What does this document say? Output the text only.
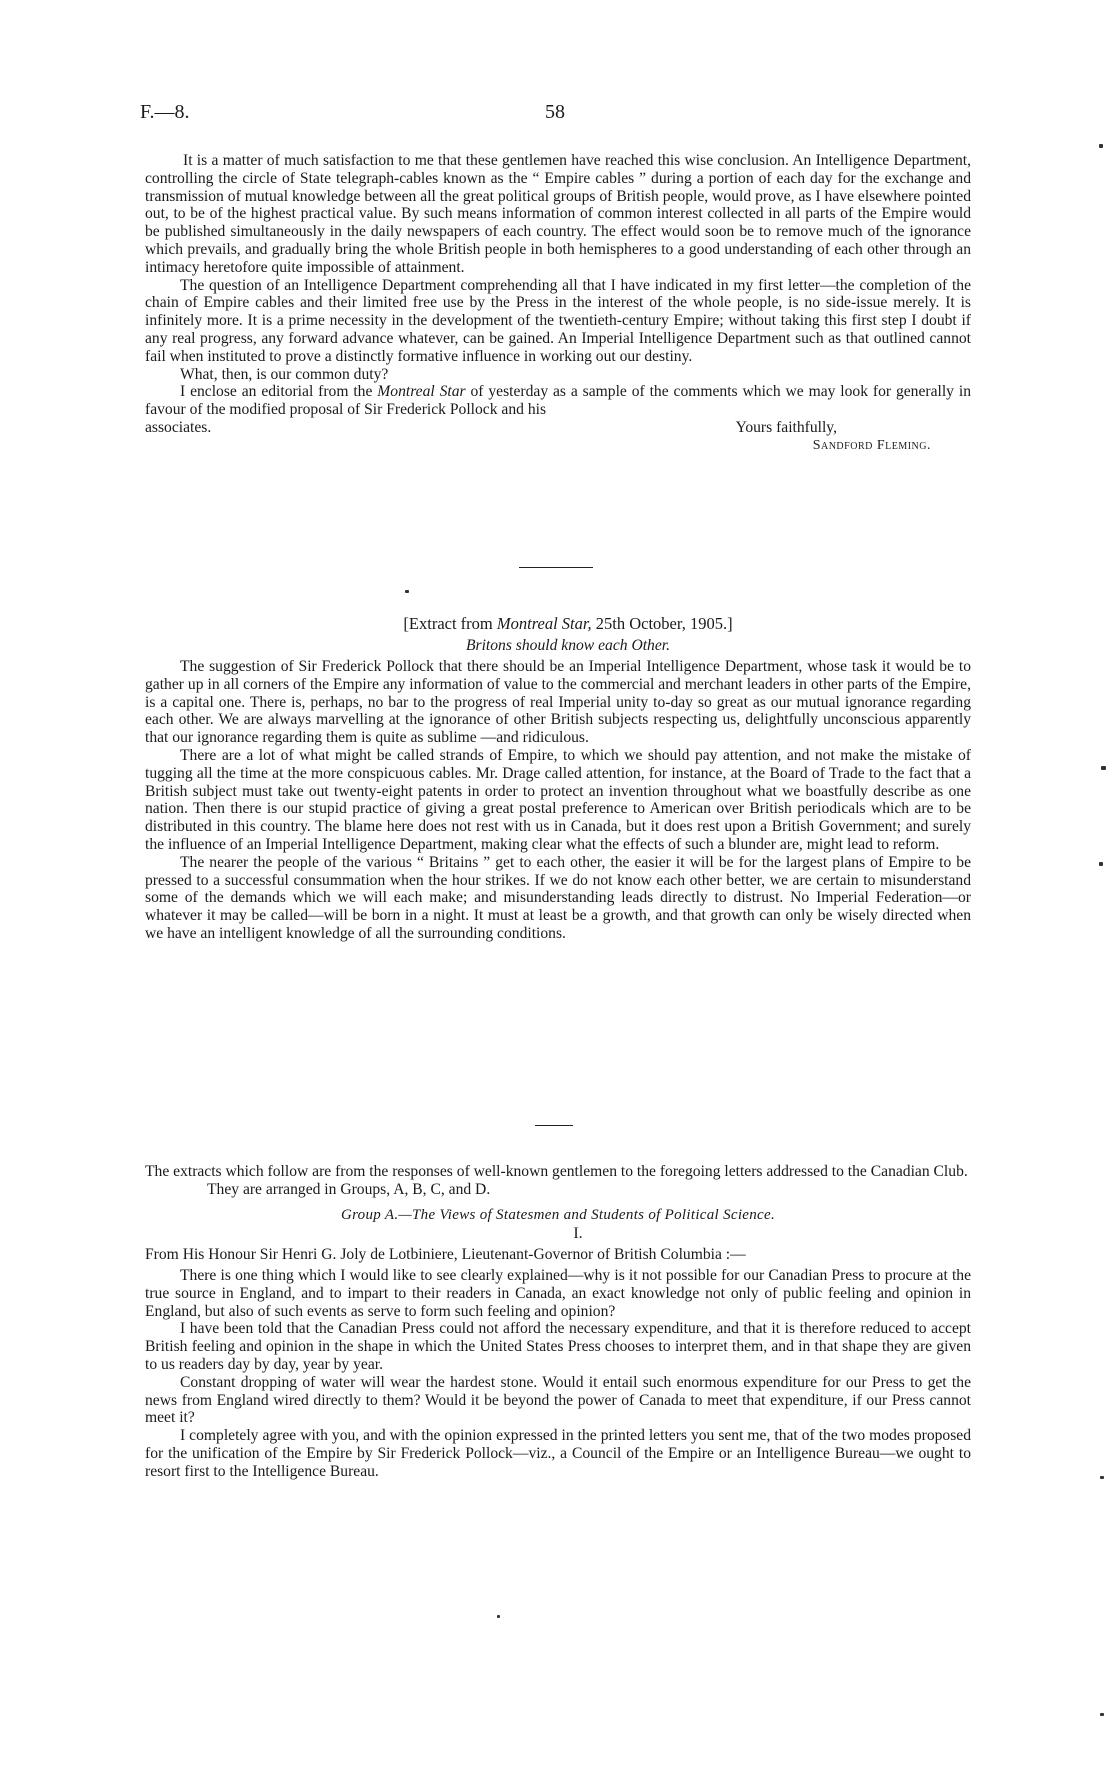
F.—8.	58

It is a matter of much satisfaction to me that these gentlemen have reached this wise conclusion. An Intelligence Department, controlling the circle of State telegraph-cables known as the “ Empire cables ” during a portion of each day for the exchange and transmission of mutual knowledge between all the great political groups of British people, would prove, as I have elsewhere pointed out, to be of the highest practical value. By such means information of common interest collected in all parts of the Empire would be published simultaneously in the daily newspapers of each country. The effect would soon be to remove much of the ignorance which prevails, and gradually bring the whole British people in both hemispheres to a good understanding of each other through an intimacy heretofore quite impossible of attainment.

The question of an Intelligence Department comprehending all that I have indicated in my first letter—the completion of the chain of Empire cables and their limited free use by the Press in the interest of the whole people, is no side-issue merely. It is infinitely more. It is a prime necessity in the development of the twentieth-century Empire; without taking this first step I doubt if any real progress, any forward advance whatever, can be gained. An Imperial Intelligence Department such as that outlined cannot fail when instituted to prove a distinctly formative influence in working out our destiny.

What, then, is our common duty?

I enclose an editorial from the Montreal Star of yesterday as a sample of the comments which we may look for generally in favour of the modified proposal of Sir Frederick Pollock and his

associates.	Yours faithfully,
Sandford Fleming.
[Extract from Montreal Star, 25th October, 1905.]
Britons should know each Other.

The suggestion of Sir Frederick Pollock that there should be an Imperial Intelligence Department, whose task it would be to gather up in all corners of the Empire any information of value to the commercial and merchant leaders in other parts of the Empire, is a capital one. There is, perhaps, no bar to the progress of real Imperial unity to-day so great as our mutual ignorance regarding each other. We are always marvelling at the ignorance of other British subjects respecting us, delightfully unconscious apparently that our ignorance regarding them is quite as sublime —and ridiculous.

There are a lot of what might be called strands of Empire, to which we should pay attention, and not make the mistake of tugging all the time at the more conspicuous cables. Mr. Drage called attention, for instance, at the Board of Trade to the fact that a British subject must take out twenty-eight patents in order to protect an invention throughout what we boastfully describe as one nation. Then there is our stupid practice of giving a great postal preference to American over British periodicals which are to be distributed in this country. The blame here does not rest with us in Canada, but it does rest upon a British Government; and surely the influence of an Imperial Intelligence Department, making clear what the effects of such a blunder are, might lead to reform.

The nearer the people of the various “ Britains ” get to each other, the easier it will be for the largest plans of Empire to be pressed to a successful consummation when the hour strikes. If we do not know each other better, we are certain to misunderstand some of the demands which we will each make; and misunderstanding leads directly to distrust. No Imperial Federation—or whatever it may be called—will be born in a night. It must at least be a growth, and that growth can only be wisely directed when we have an intelligent knowledge of all the surrounding conditions.

The extracts which follow are from the responses of well-known gentlemen to the foregoing letters addressed to the Canadian Club. They are arranged in Groups, A, B, C, and D.

Group A.—The Views of Statesmen and Students of Political Science.
I.

From His Honour Sir Henri G. Joly de Lotbiniere, Lieutenant-Governor of British Columbia :—

There is one thing which I would like to see clearly explained—why is it not possible for our Canadian Press to procure at the true source in England, and to impart to their readers in Canada, an exact knowledge not only of public feeling and opinion in England, but also of such events as serve to form such feeling and opinion?

I have been told that the Canadian Press could not afford the necessary expenditure, and that it is therefore reduced to accept British feeling and opinion in the shape in which the United States Press chooses to interpret them, and in that shape they are given to us readers day by day, year by year.

Constant dropping of water will wear the hardest stone. Would it entail such enormous expenditure for our Press to get the news from England wired directly to them? Would it be beyond the power of Canada to meet that expenditure, if our Press cannot meet it?

I completely agree with you, and with the opinion expressed in the printed letters you sent me, that of the two modes proposed for the unification of the Empire by Sir Frederick Pollock—viz., a Council of the Empire or an Intelligence Bureau—we ought to resort first to the Intelligence Bureau.
